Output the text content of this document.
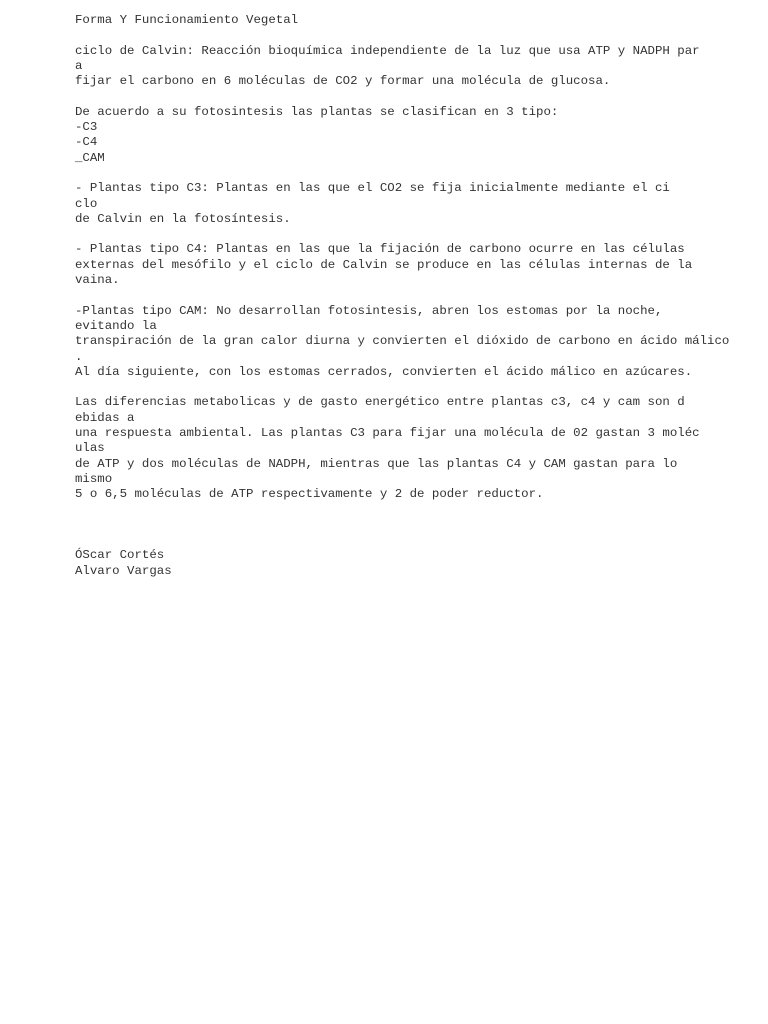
Forma Y Funcionamiento Vegetal
ciclo de Calvin: Reacción bioquímica independiente de la luz que usa ATP y NADPH par
a
fijar el carbono en 6 moléculas de CO2 y formar una molécula de glucosa.
De acuerdo a su fotosintesis las plantas se clasifican en 3 tipo:
-C3
-C4
_CAM
- Plantas tipo C3: Plantas en las que el CO2 se fija inicialmente mediante el ci
clo
de Calvin en la fotosíntesis.
- Plantas tipo C4: Plantas en las que la fijación de carbono ocurre en las células
externas del mesófilo y el ciclo de Calvin se produce en las células internas de la
vaina.
-Plantas tipo CAM: No desarrollan fotosintesis, abren los estomas por la noche,
evitando la
transpiración de la gran calor diurna y convierten el dióxido de carbono en ácido málico
.
Al día siguiente, con los estomas cerrados, convierten el ácido málico en azúcares.
Las diferencias metabolicas y de gasto energético entre plantas c3, c4 y cam son d
ebidas a
una respuesta ambiental. Las plantas C3 para fijar una molécula de 02 gastan 3 moléc
ulas
de ATP y dos moléculas de NADPH, mientras que las plantas C4 y CAM gastan para lo
mismo
5 o 6,5 moléculas de ATP respectivamente y 2 de poder reductor.
ÓScar Cortés
Alvaro Vargas
